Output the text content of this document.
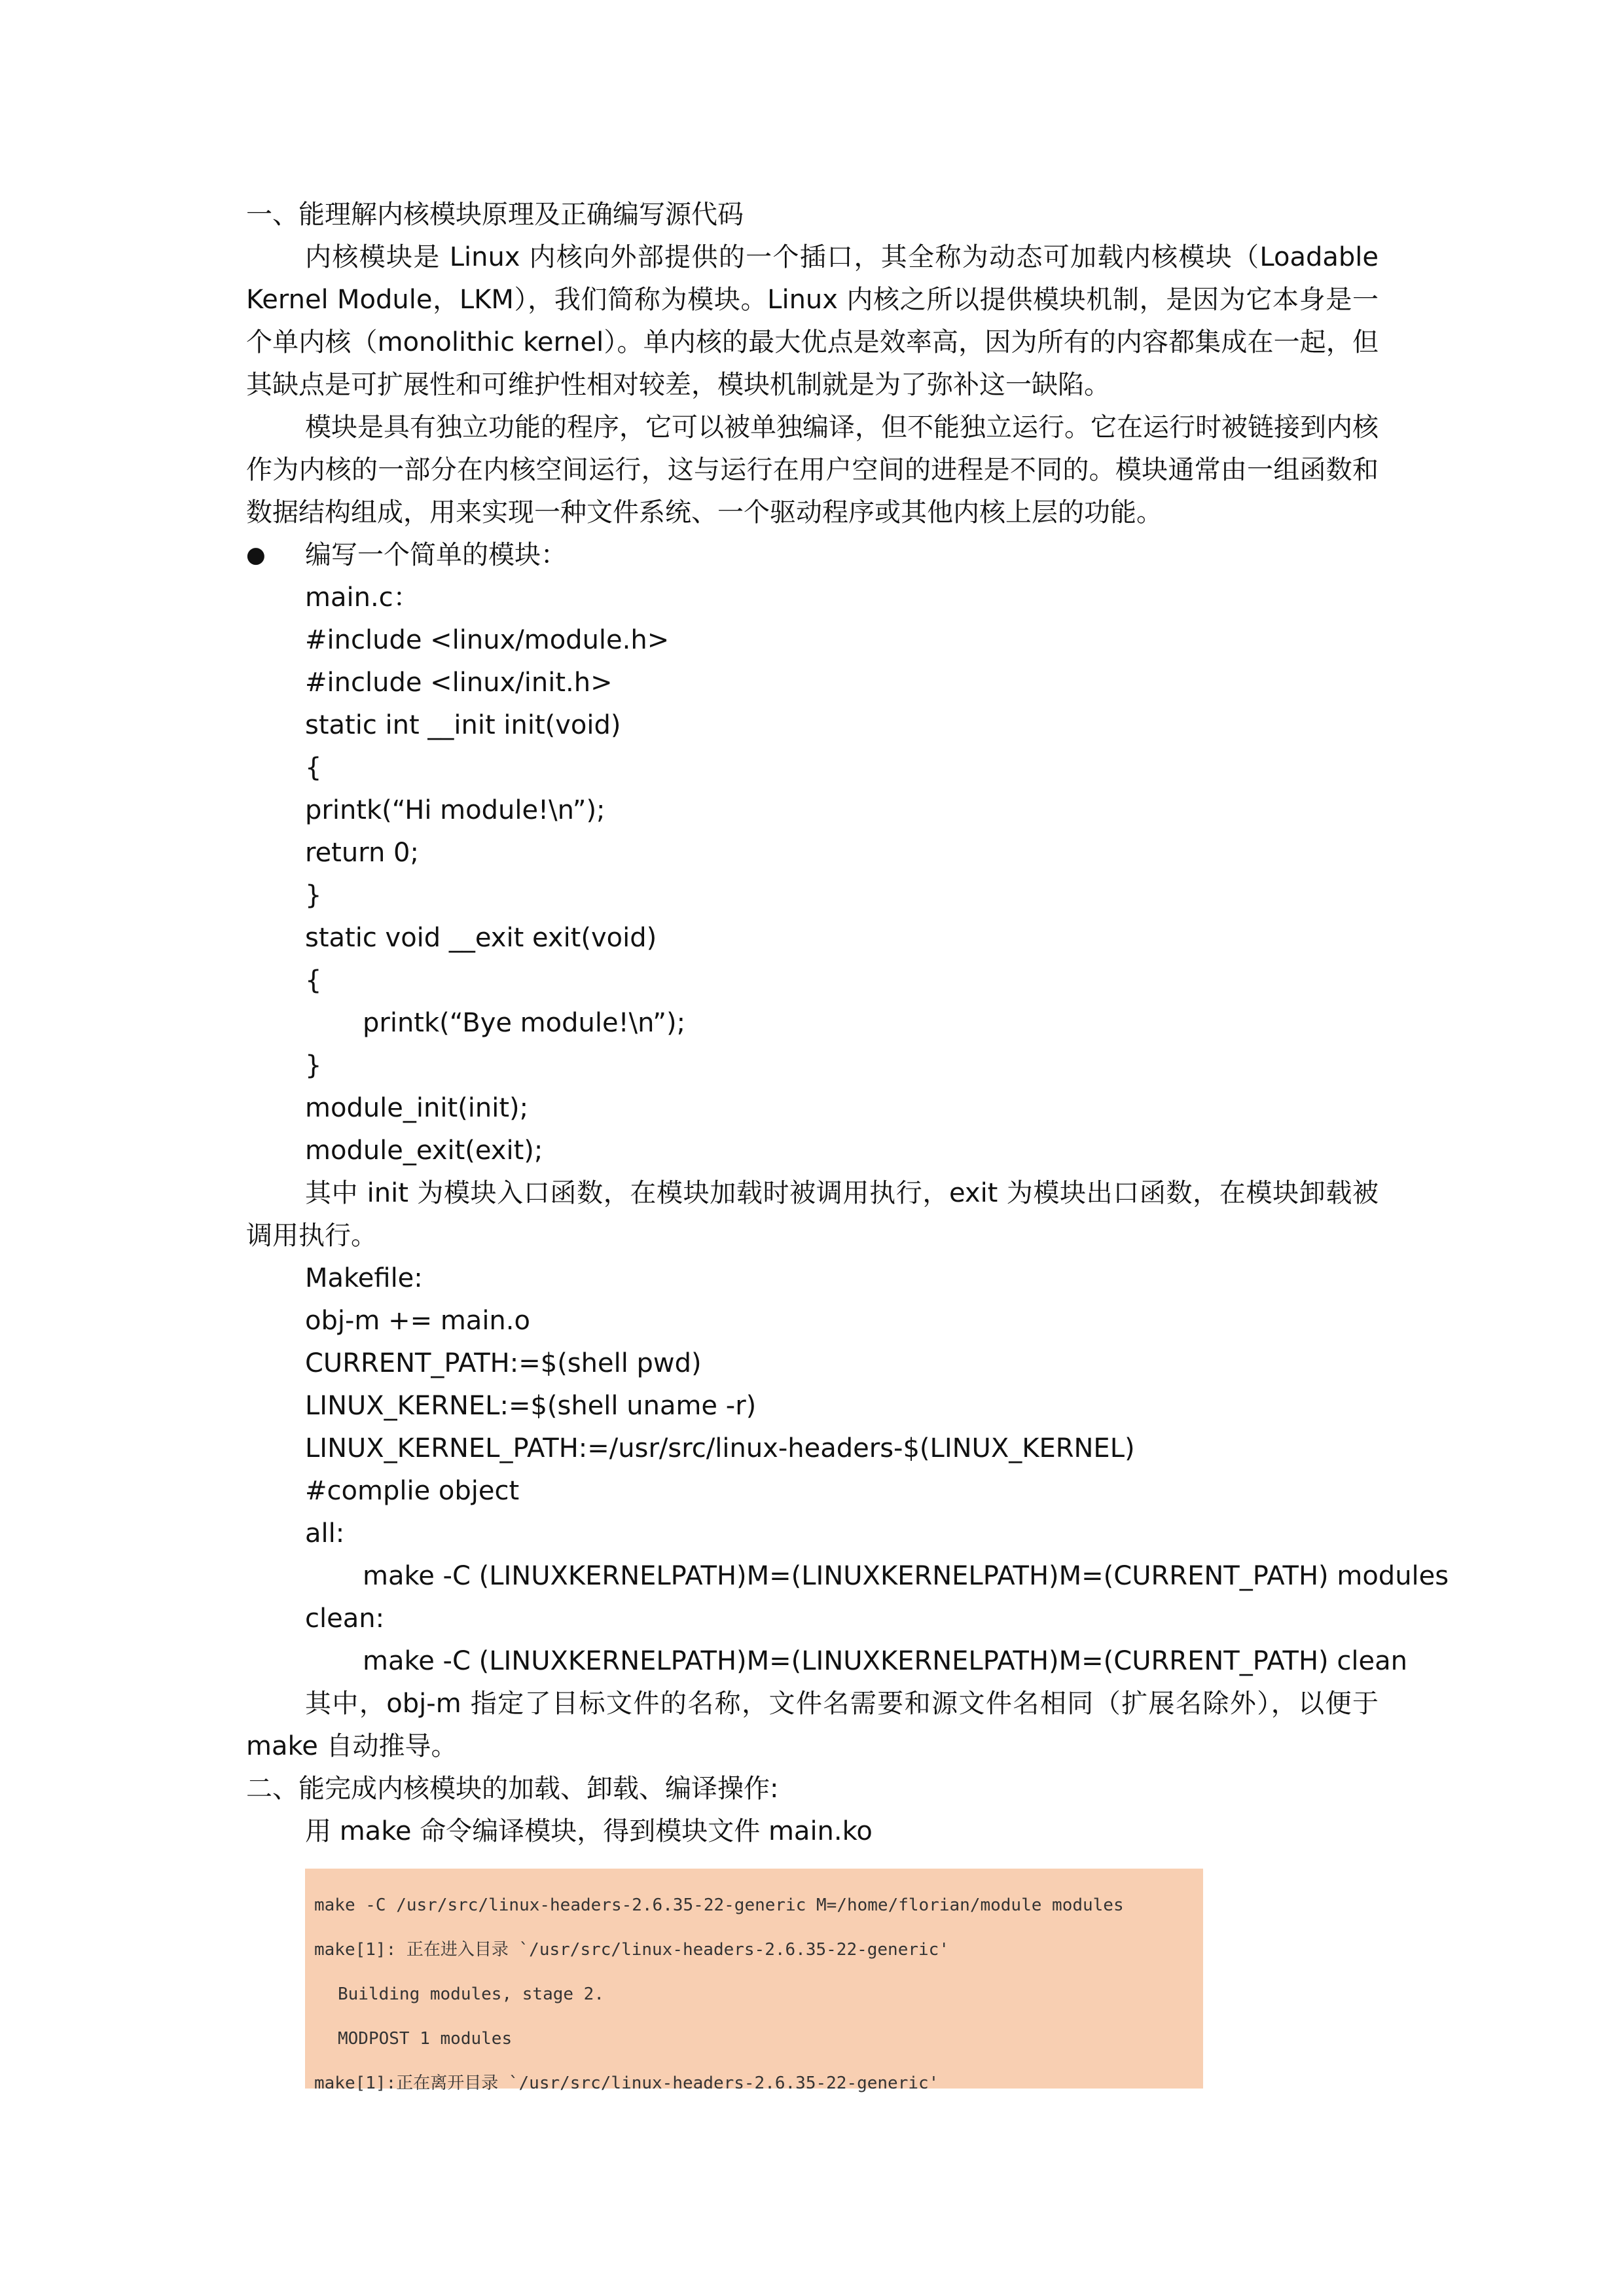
一、能理解内核模块原理及正确编写源代码
内核模块是 Linux 内核向外部提供的一个插口，其全称为动态可加载内核模块（Loadable Kernel Module，LKM），我们简称为模块。Linux 内核之所以提供模块机制，是因为它本身是一个单内核（monolithic kernel）。单内核的最大优点是效率高，因为所有的内容都集成在一起，但其缺点是可扩展性和可维护性相对较差，模块机制就是为了弥补这一缺陷。
模块是具有独立功能的程序，它可以被单独编译，但不能独立运行。它在运行时被链接到内核作为内核的一部分在内核空间运行，这与运行在用户空间的进程是不同的。模块通常由一组函数和数据结构组成，用来实现一种文件系统、一个驱动程序或其他内核上层的功能。
●	编写一个简单的模块：
main.c：
#include <linux/module.h>
#include <linux/init.h>
static int __init init(void)
{
printk(“Hi module!\n”);
return 0;
}
static void __exit exit(void)
{
printk(“Bye module!\n”);
}
module_init(init);
module_exit(exit);
其中 init 为模块入口函数，在模块加载时被调用执行，exit 为模块出口函数，在模块卸载被调用执行。
Makefile:
obj-m += main.o
CURRENT_PATH:=$(shell pwd)
LINUX_KERNEL:=$(shell uname -r)
LINUX_KERNEL_PATH:=/usr/src/linux-headers-$(LINUX_KERNEL)
#complie object
all:
make -C (LINUXKERNELPATH)M=(LINUXKERNELPATH)M=(CURRENT_PATH) modules
clean:
make -C (LINUXKERNELPATH)M=(LINUXKERNELPATH)M=(CURRENT_PATH) clean
其中，obj-m 指定了目标文件的名称，文件名需要和源文件名相同（扩展名除外），以便于 make 自动推导。
二、能完成内核模块的加载、卸载、编译操作:
用 make 命令编译模块，得到模块文件 main.ko
make -C /usr/src/linux-headers-2.6.35-22-generic M=/home/florian/module modules
make[1]: 正在进入目录 `/usr/src/linux-headers-2.6.35-22-generic'
Building modules, stage 2.
MODPOST 1 modules
make[1]:正在离开目录 `/usr/src/linux-headers-2.6.35-22-generic'
